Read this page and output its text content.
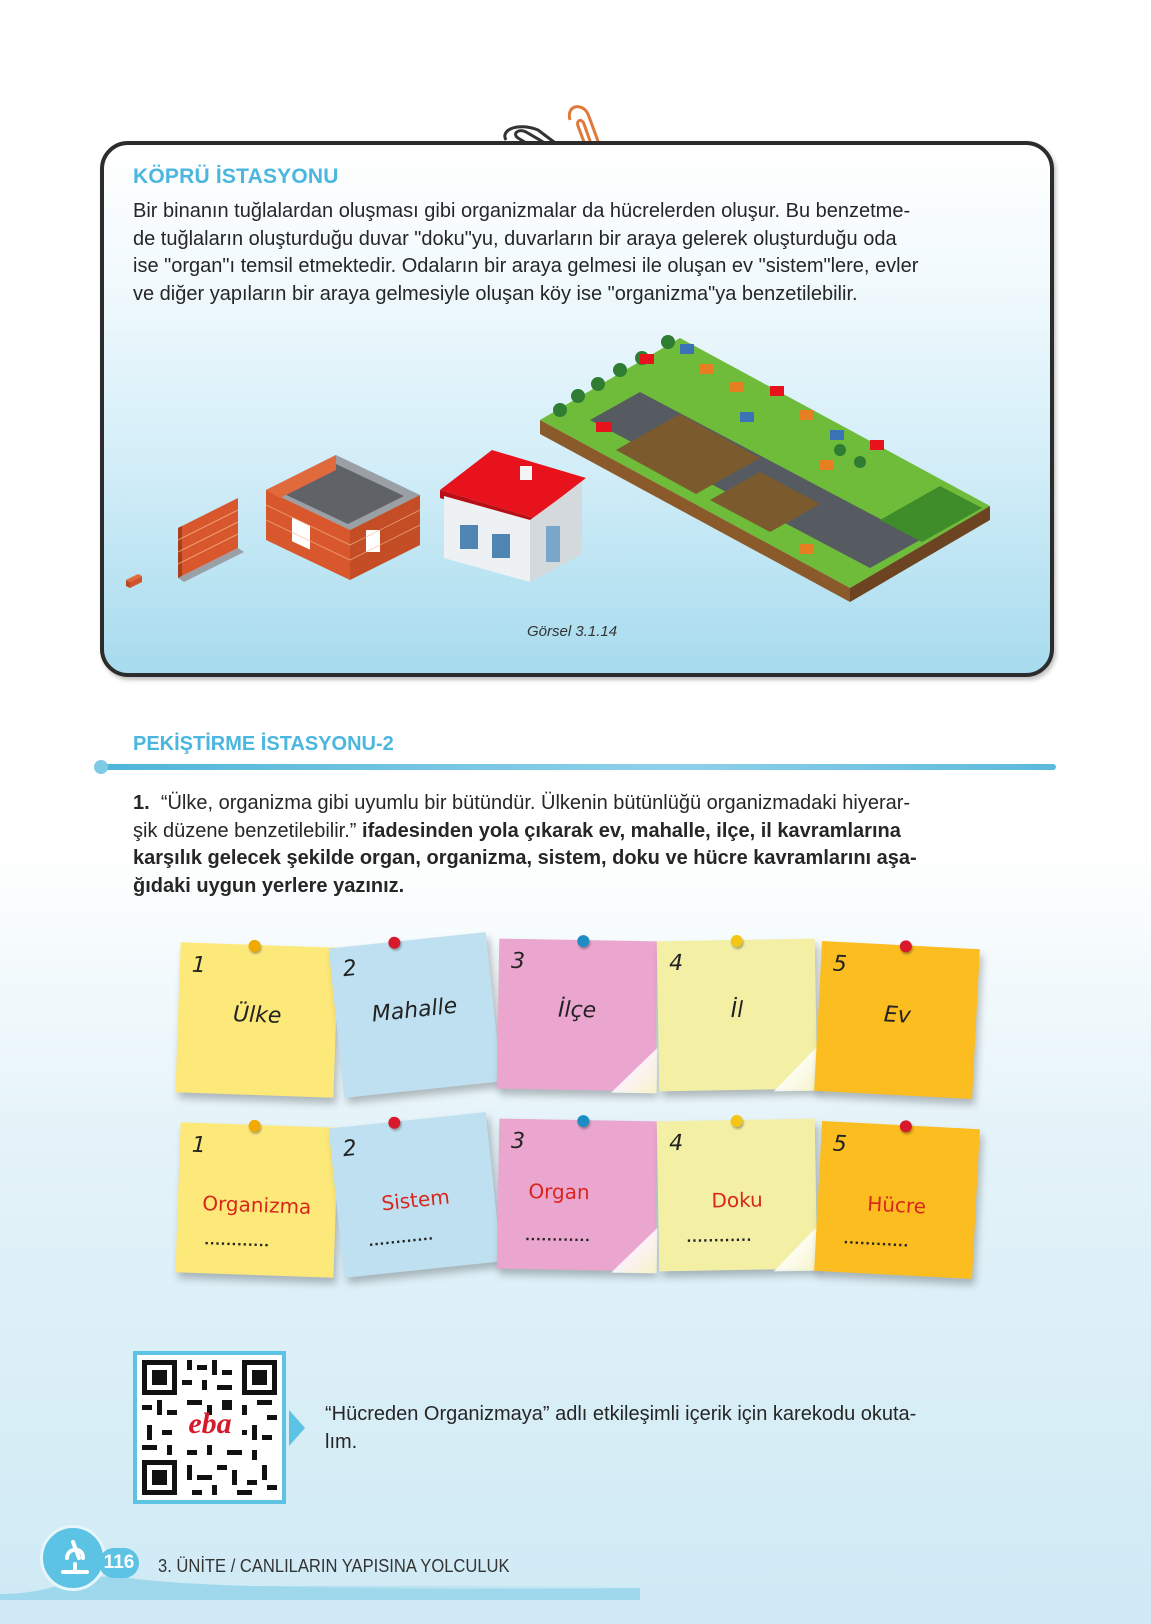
KÖPRÜ İSTASYONU

Bir binanın tuğlalardan oluşması gibi organizmalar da hücrelerden oluşur. Bu benzetme-

de tuğlaların oluşturduğu duvar "doku"yu, duvarların bir araya gelerek oluşturduğu oda

ise "organ"ı temsil etmektedir. Odaların bir araya gelmesi ile oluşan ev "sistem"lere, evler

ve diğer yapıların bir araya gelmesiyle oluşan köy ise "organizma"ya benzetilebilir.

Görsel 3.1.14
PEKİŞTİRME İSTASYONU-2

1. “Ülke, organizma gibi uyumlu bir bütündür. Ülkenin bütünlüğü organizmadaki hiyerar-

şik düzene benzetilebilir.” ifadesinden yola çıkarak ev, mahalle, ilçe, il kavramlarına

karşılık gelecek şekilde organ, organizma, sistem, doku ve hücre kavramlarını aşa-

ğıdaki uygun yerlere yazınız.

1
Ülke
2
Mahalle
3
İlçe
4
İl
5
Ev
1
Organizma
............
2
Sistem
............
3
Organ
............
4
Doku
............
5
Hücre
............
eba	“Hücreden Organizmaya” adlı etkileşimli içerik için karekodu okuta-
lım.
116 3. ÜNİTE / CANLILARIN YAPISINA YOLCULUK
